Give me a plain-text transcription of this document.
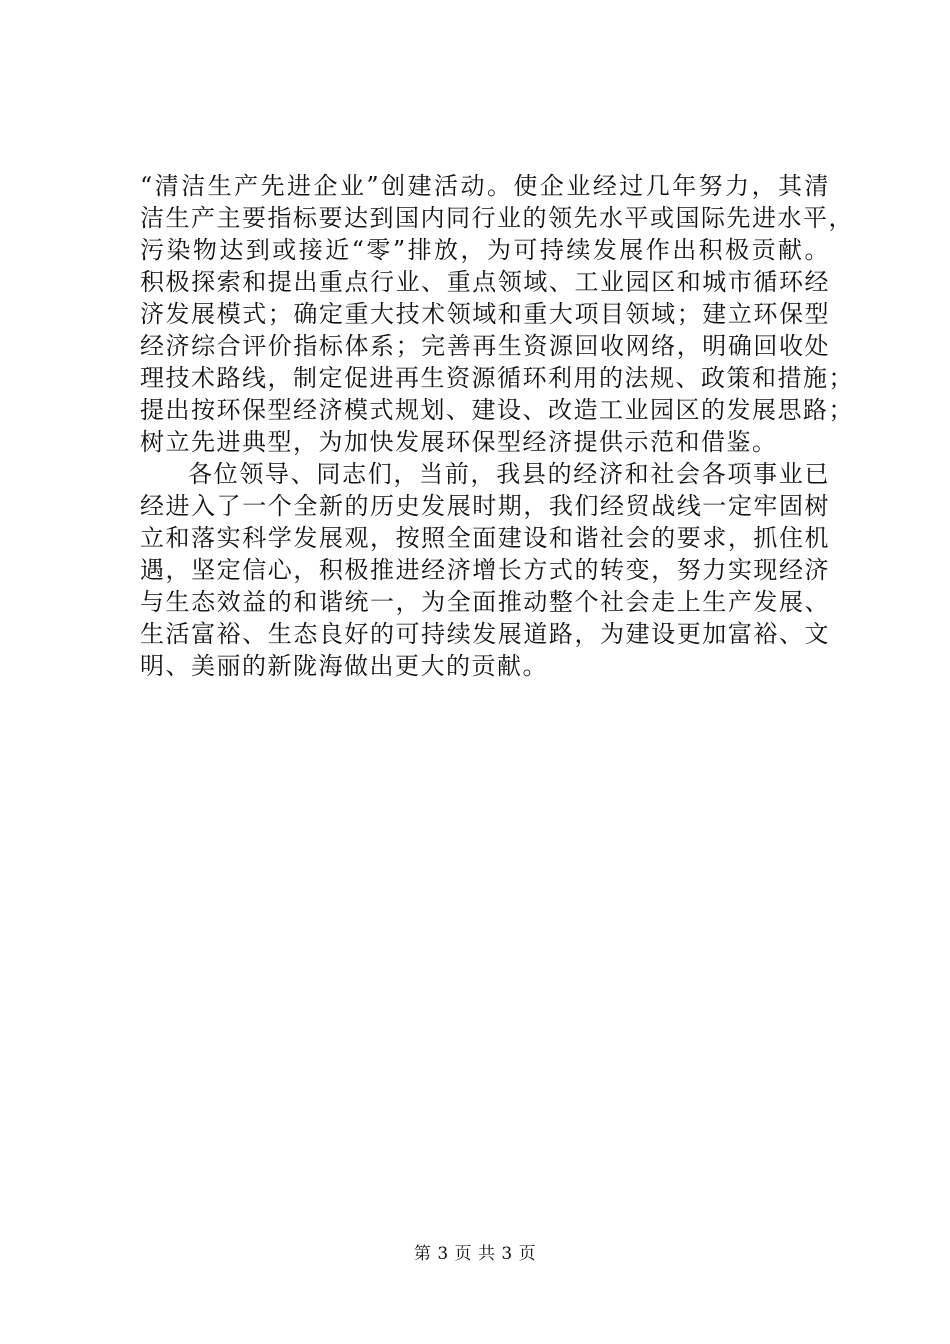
“清洁生产先进企业”创建活动。使企业经过几年努力，其清
洁生产主要指标要达到国内同行业的领先水平或国际先进水平，
污染物达到或接近“零”排放，为可持续发展作出积极贡献。
积极探索和提出重点行业、重点领域、工业园区和城市循环经
济发展模式；确定重大技术领域和重大项目领域；建立环保型
经济综合评价指标体系；完善再生资源回收网络，明确回收处
理技术路线，制定促进再生资源循环利用的法规、政策和措施；
提出按环保型经济模式规划、建设、改造工业园区的发展思路；
树立先进典型，为加快发展环保型经济提供示范和借鉴。
各位领导、同志们，当前，我县的经济和社会各项事业已
经进入了一个全新的历史发展时期，我们经贸战线一定牢固树
立和落实科学发展观，按照全面建设和谐社会的要求，抓住机
遇，坚定信心，积极推进经济增长方式的转变，努力实现经济
与生态效益的和谐统一，为全面推动整个社会走上生产发展、
生活富裕、生态良好的可持续发展道路，为建设更加富裕、文
明、美丽的新陇海做出更大的贡献。
第 3 页 共 3 页
